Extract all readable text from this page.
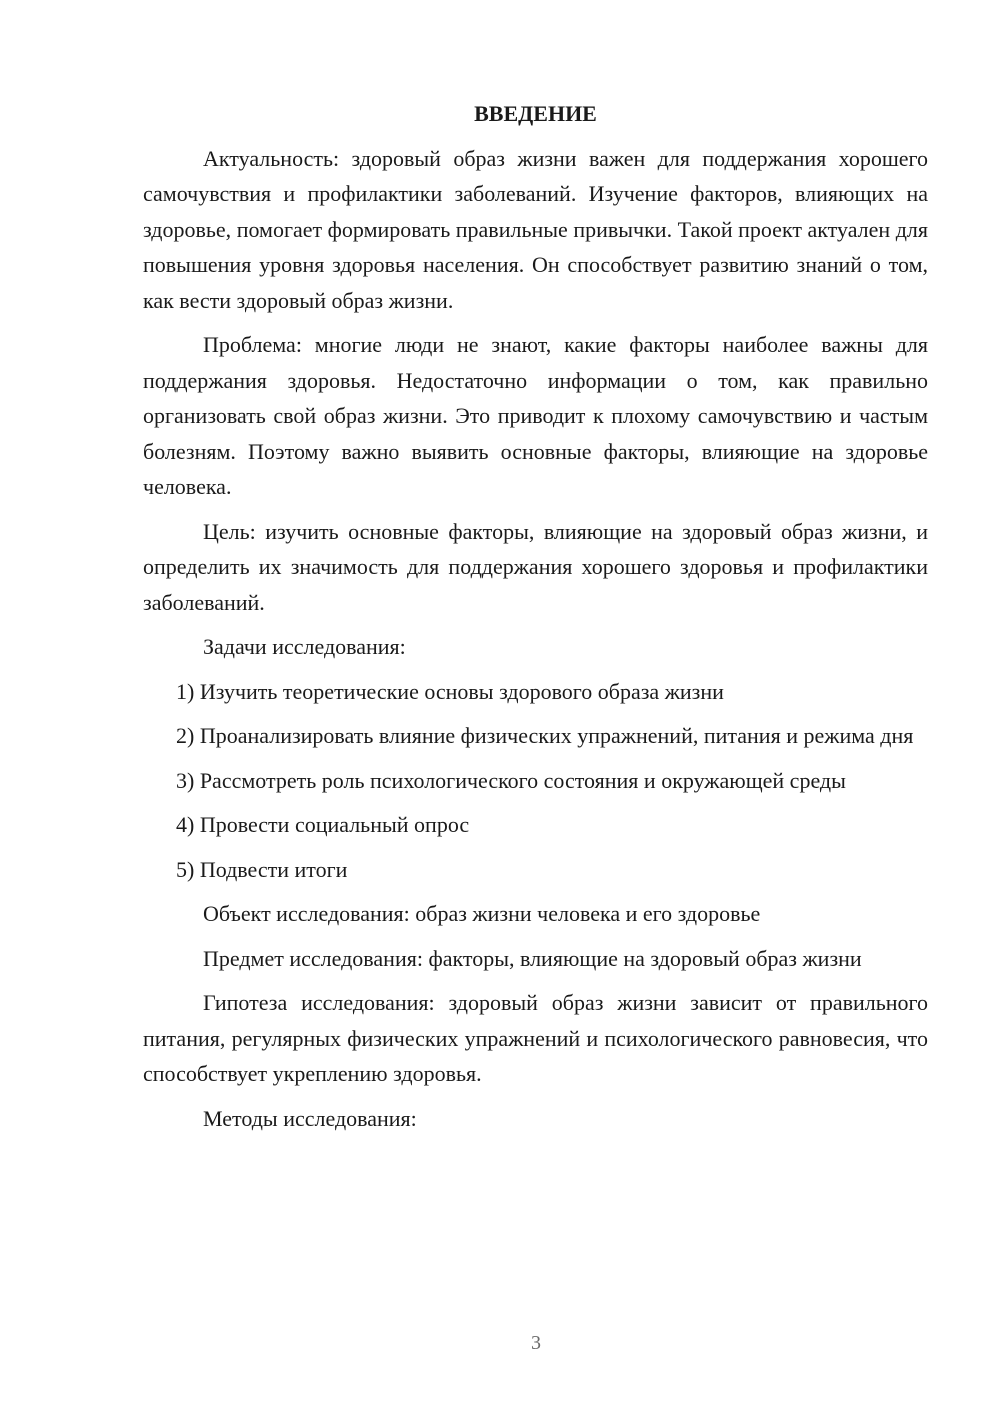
ВВЕДЕНИЕ

Актуальность: здоровый образ жизни важен для поддержания хорошего самочувствия и профилактики заболеваний. Изучение факторов, влияющих на здоровье, помогает формировать правильные привычки. Такой проект актуален для повышения уровня здоровья населения. Он способствует развитию знаний о том, как вести здоровый образ жизни.

Проблема: многие люди не знают, какие факторы наиболее важны для поддержания здоровья. Недостаточно информации о том, как правильно организовать свой образ жизни. Это приводит к плохому самочувствию и частым болезням. Поэтому важно выявить основные факторы, влияющие на здоровье человека.

Цель: изучить основные факторы, влияющие на здоровый образ жизни, и определить их значимость для поддержания хорошего здоровья и профилактики заболеваний.

Задачи исследования:

1) Изучить теоретические основы здорового образа жизни

2) Проанализировать влияние физических упражнений, питания и режима дня

3) Рассмотреть роль психологического состояния и окружающей среды

4) Провести социальный опрос

5) Подвести итоги

Объект исследования: образ жизни человека и его здоровье

Предмет исследования: факторы, влияющие на здоровый образ жизни

Гипотеза исследования: здоровый образ жизни зависит от правильного питания, регулярных физических упражнений и психологического равновесия, что способствует укреплению здоровья.

Методы исследования:

3
